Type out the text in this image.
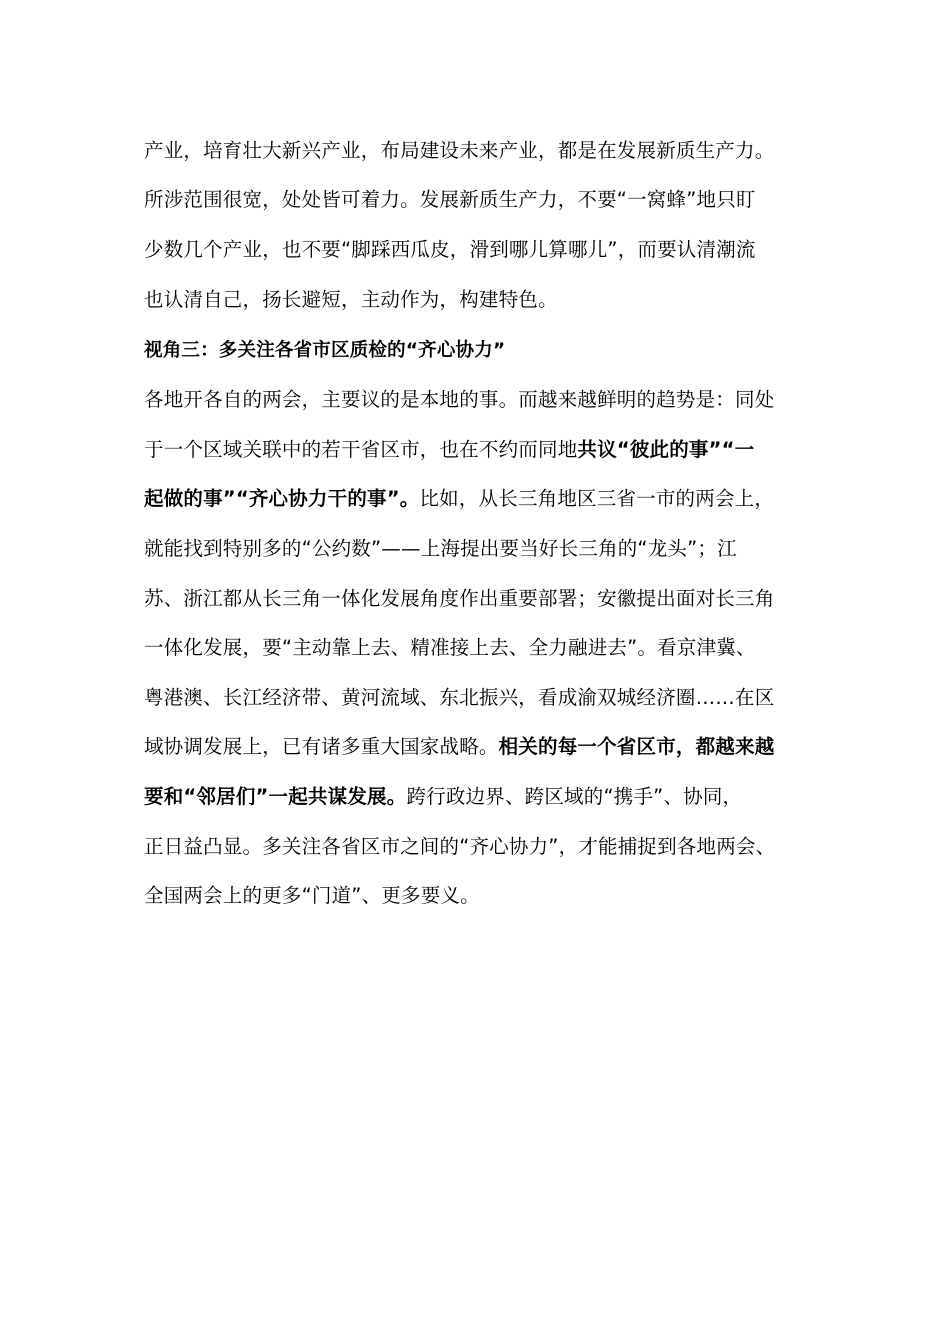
产业，培育壮大新兴产业，布局建设未来产业，都是在发展新质生产力。
所涉范围很宽，处处皆可着力。发展新质生产力，不要“一窝蜂”地只盯
少数几个产业，也不要“脚踩西瓜皮，滑到哪儿算哪儿”，而要认清潮流
也认清自己，扬长避短，主动作为，构建特色。
视角三：多关注各省市区质检的“齐心协力”
各地开各自的两会，主要议的是本地的事。而越来越鲜明的趋势是：同处
于一个区域关联中的若干省区市，也在不约而同地共议“彼此的事”“一
起做的事”“齐心协力干的事”。比如，从长三角地区三省一市的两会上，
就能找到特别多的“公约数”——上海提出要当好长三角的“龙头”；江
苏、浙江都从长三角一体化发展角度作出重要部署；安徽提出面对长三角
一体化发展，要“主动靠上去、精准接上去、全力融进去”。看京津冀、
粤港澳、长江经济带、黄河流域、东北振兴，看成渝双城经济圈……在区
域协调发展上，已有诸多重大国家战略。相关的每一个省区市，都越来越
要和“邻居们”一起共谋发展。跨行政边界、跨区域的“携手”、协同，
正日益凸显。多关注各省区市之间的“齐心协力”，才能捕捉到各地两会、
全国两会上的更多“门道”、更多要义。
